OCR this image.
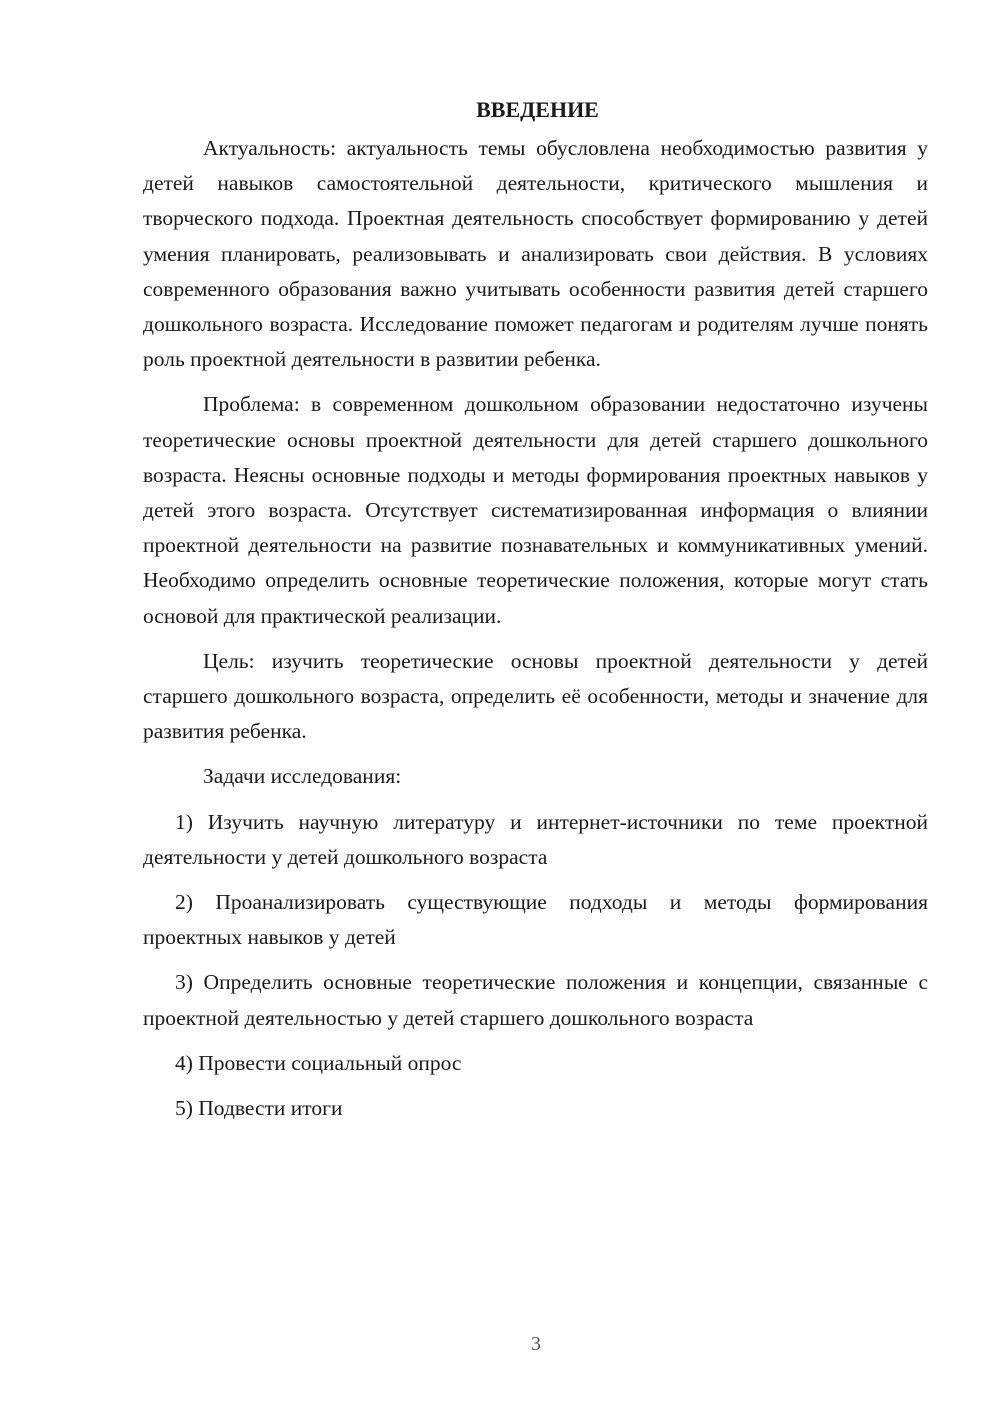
ВВЕДЕНИЕ

Актуальность: актуальность темы обусловлена необходимостью развития у детей навыков самостоятельной деятельности, критического мышления и творческого подхода. Проектная деятельность способствует формированию у детей умения планировать, реализовывать и анализировать свои действия. В условиях современного образования важно учитывать особенности развития детей старшего дошкольного возраста. Исследование поможет педагогам и родителям лучше понять роль проектной деятельности в развитии ребенка.

Проблема: в современном дошкольном образовании недостаточно изучены теоретические основы проектной деятельности для детей старшего дошкольного возраста. Неясны основные подходы и методы формирования проектных навыков у детей этого возраста. Отсутствует систематизированная информация о влиянии проектной деятельности на развитие познавательных и коммуникативных умений. Необходимо определить основные теоретические положения, которые могут стать основой для практической реализации.

Цель: изучить теоретические основы проектной деятельности у детей старшего дошкольного возраста, определить её особенности, методы и значение для развития ребенка.

Задачи исследования:

1) Изучить научную литературу и интернет-источники по теме проектной деятельности у детей дошкольного возраста

2) Проанализировать существующие подходы и методы формирования проектных навыков у детей

3) Определить основные теоретические положения и концепции, связанные с проектной деятельностью у детей старшего дошкольного возраста

4) Провести социальный опрос

5) Подвести итоги

3
